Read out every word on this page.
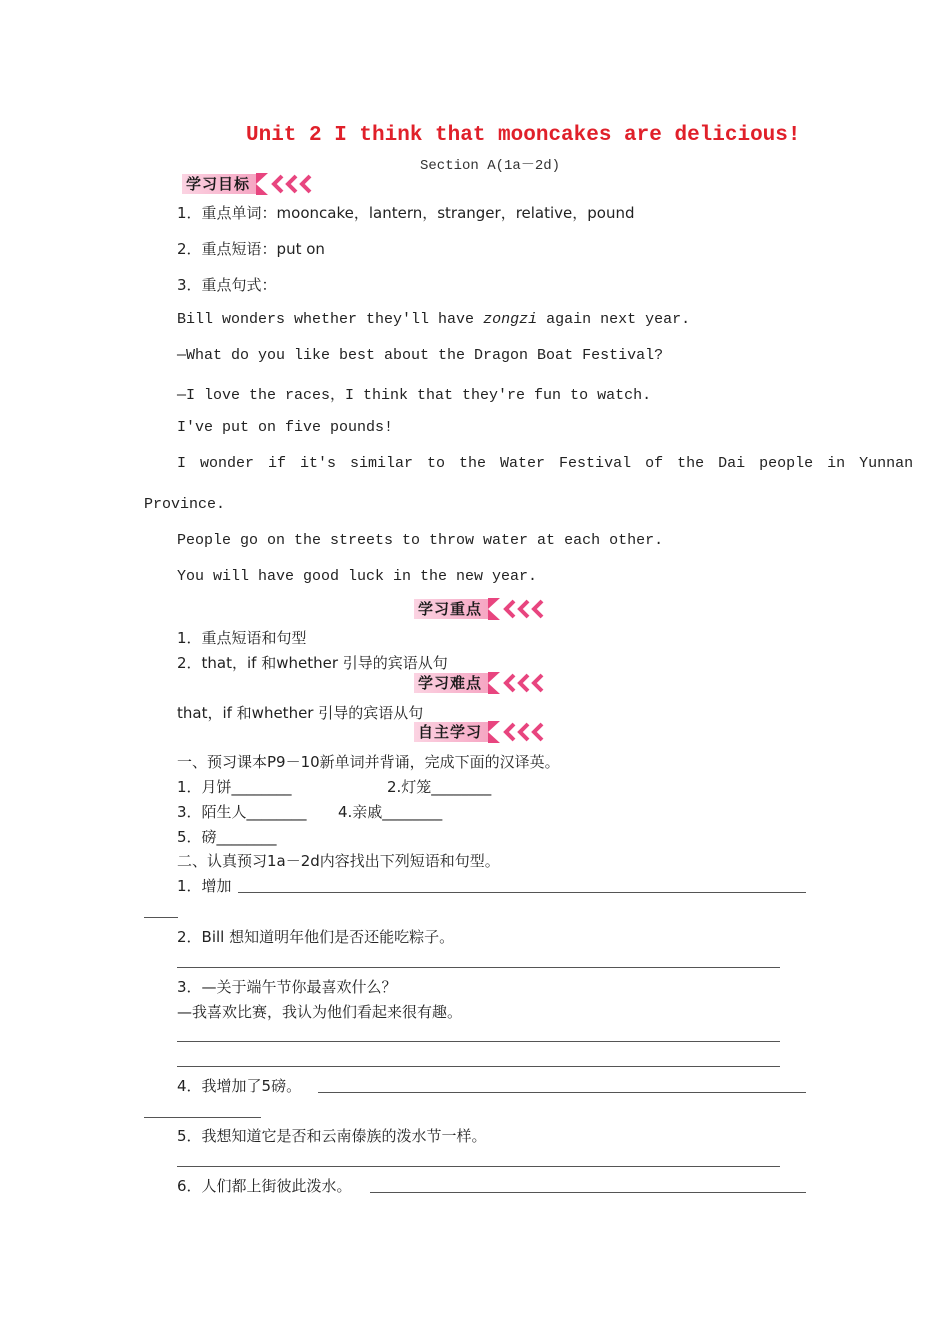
Unit 2 I think that mooncakes are delicious!
Section A(1a－2d)
学习目标
1．重点单词：mooncake，lantern，stranger，relative，pound
2．重点短语：put on
3．重点句式：
Bill wonders whether they'll have zongzi again next year.
—What do you like best about the Dragon Boat Festival?
—I love the races，I think that they're fun to watch.
I've put on five pounds!
I wonder if it's similar to the Water Festival of the Dai people in Yunnan
Province.
People go on the streets to throw water at each other.
You will have good luck in the new year.
学习重点
1．重点短语和句型
2．that，if 和whether 引导的宾语从句
学习难点
that，if 和whether 引导的宾语从句
自主学习
一、预习课本P9－10新单词并背诵，完成下面的汉译英。
1．月饼________	2.灯笼________
3．陌生人________ 4.亲戚________
5．磅________
二、认真预习1a－2d内容找出下列短语和句型。
1．增加
2．Bill 想知道明年他们是否还能吃粽子。
3．—关于端午节你最喜欢什么？
—我喜欢比赛，我认为他们看起来很有趣。
4．我增加了5磅。
5．我想知道它是否和云南傣族的泼水节一样。
6．人们都上街彼此泼水。
